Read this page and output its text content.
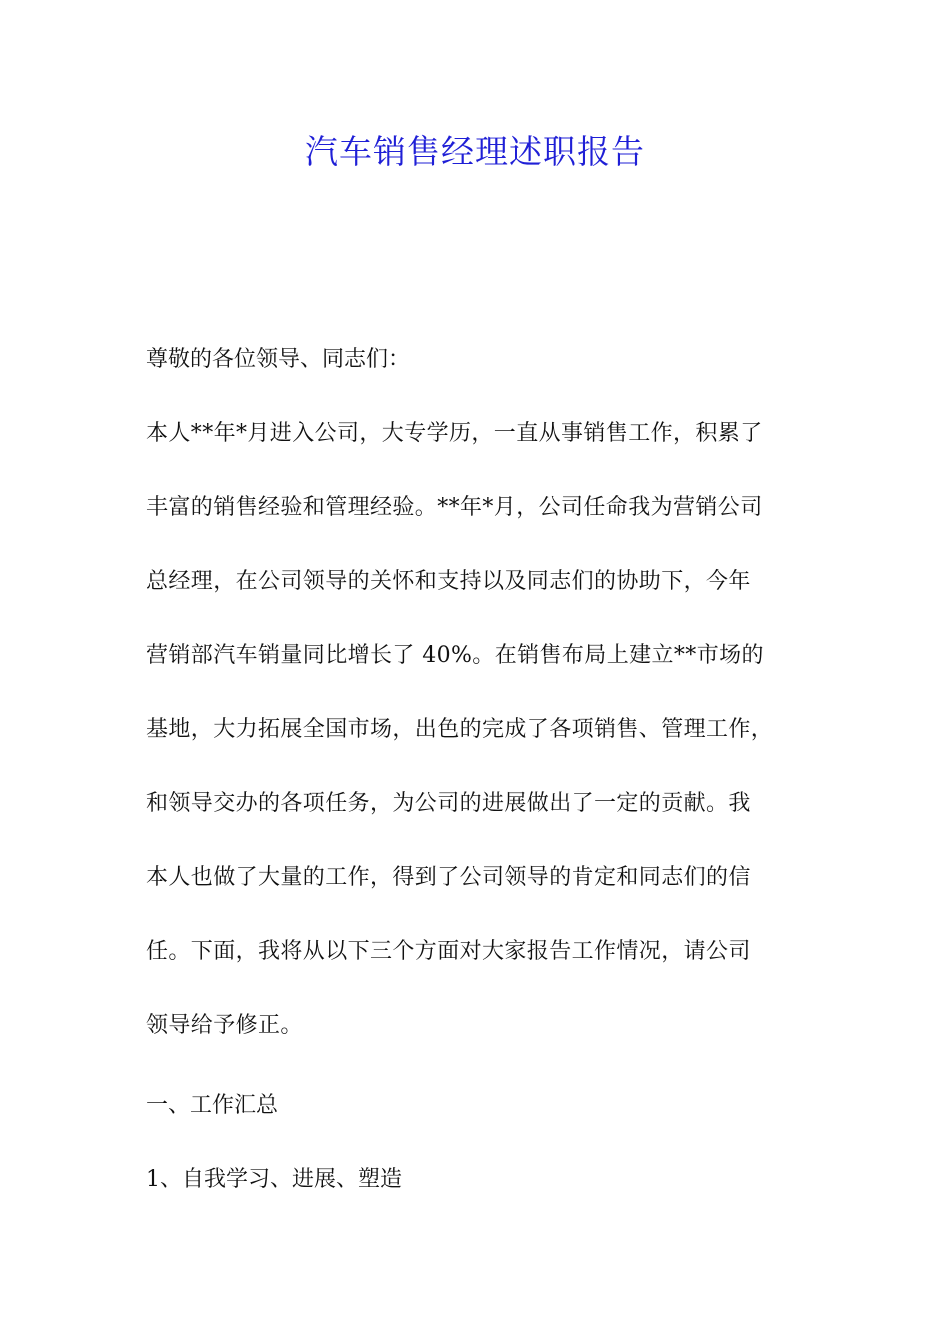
汽车销售经理述职报告

尊敬的各位领导、同志们：

本人**年*月进入公司，大专学历，一直从事销售工作，积累了
丰富的销售经验和管理经验。**年*月，公司任命我为营销公司
总经理，在公司领导的关怀和支持以及同志们的协助下，今年
营销部汽车销量同比增长了 40%。在销售布局上建立**市场的
基地，大力拓展全国市场，出色的完成了各项销售、管理工作，
和领导交办的各项任务，为公司的进展做出了一定的贡献。我
本人也做了大量的工作，得到了公司领导的肯定和同志们的信
任。下面，我将从以下三个方面对大家报告工作情况，请公司
领导给予修正。
一、工作汇总
1、自我学习、进展、塑造
